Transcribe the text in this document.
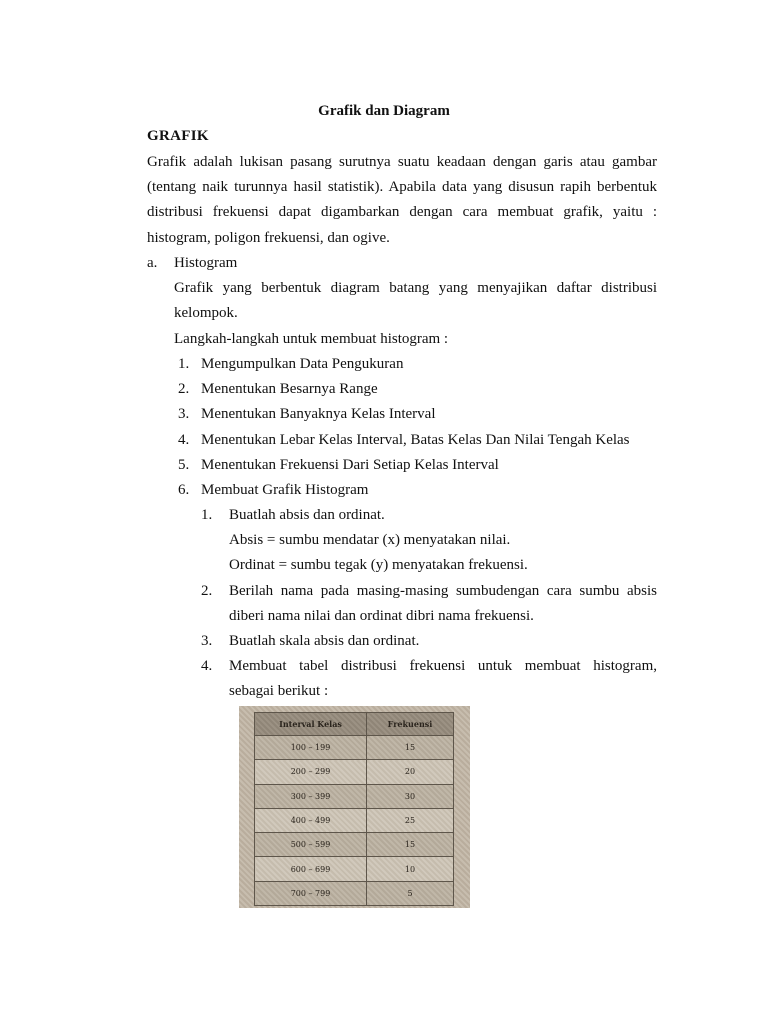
Grafik dan Diagram
GRAFIK
Grafik adalah lukisan pasang surutnya suatu keadaan dengan garis atau gambar
(tentang naik turunnya hasil statistik). Apabila data yang disusun rapih berbentuk
distribusi frekuensi dapat digambarkan dengan cara membuat grafik, yaitu :
histogram, poligon frekuensi, dan ogive.
a. Histogram
Grafik yang berbentuk diagram batang yang menyajikan daftar distribusi
kelompok.
Langkah-langkah untuk membuat histogram :
1. Mengumpulkan Data Pengukuran
2. Menentukan Besarnya Range
3. Menentukan Banyaknya Kelas Interval
4. Menentukan Lebar Kelas Interval, Batas Kelas Dan Nilai Tengah Kelas
5. Menentukan Frekuensi Dari Setiap Kelas Interval
6. Membuat Grafik Histogram
1. Buatlah absis dan ordinat.
Absis = sumbu mendatar (x) menyatakan nilai.
Ordinat = sumbu tegak (y) menyatakan frekuensi.
2. Berilah nama pada masing-masing sumbudengan cara sumbu absis
diberi nama nilai dan ordinat dibri nama frekuensi.
3. Buatlah skala absis dan ordinat.
4. Membuat tabel distribusi frekuensi untuk membuat histogram,
sebagai berikut :
Interval Kelas	Frekuensi
100 – 199	15
200 – 299	20
300 – 399	30
400 – 499	25
500 – 599	15
600 – 699	10
700 – 799	5
